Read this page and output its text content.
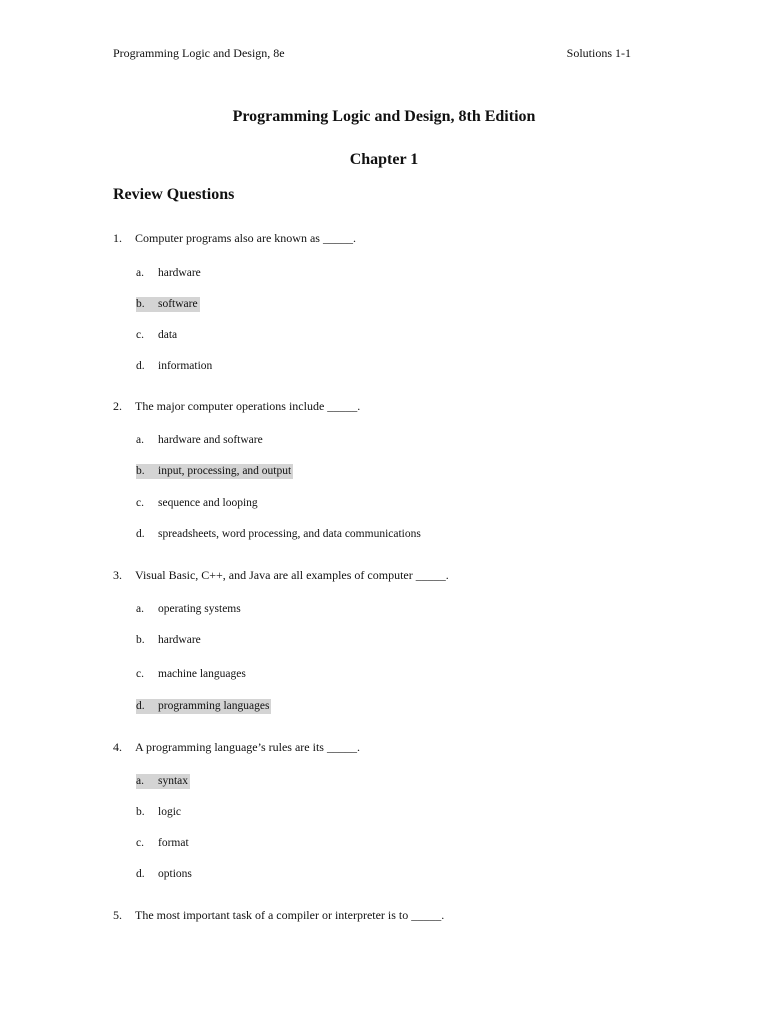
Programming Logic and Design, 8e	Solutions 1-1
Programming Logic and Design, 8th Edition
Chapter 1
Review Questions
1. Computer programs also are known as _____.
a. hardware
b. software
c. data
d. information
2. The major computer operations include _____.
a. hardware and software
b. input, processing, and output
c. sequence and looping
d. spreadsheets, word processing, and data communications
3. Visual Basic, C++, and Java are all examples of computer _____.
a. operating systems
b. hardware
c. machine languages
d. programming languages
4. A programming language’s rules are its _____.
a. syntax
b. logic
c. format
d. options
5. The most important task of a compiler or interpreter is to _____.
